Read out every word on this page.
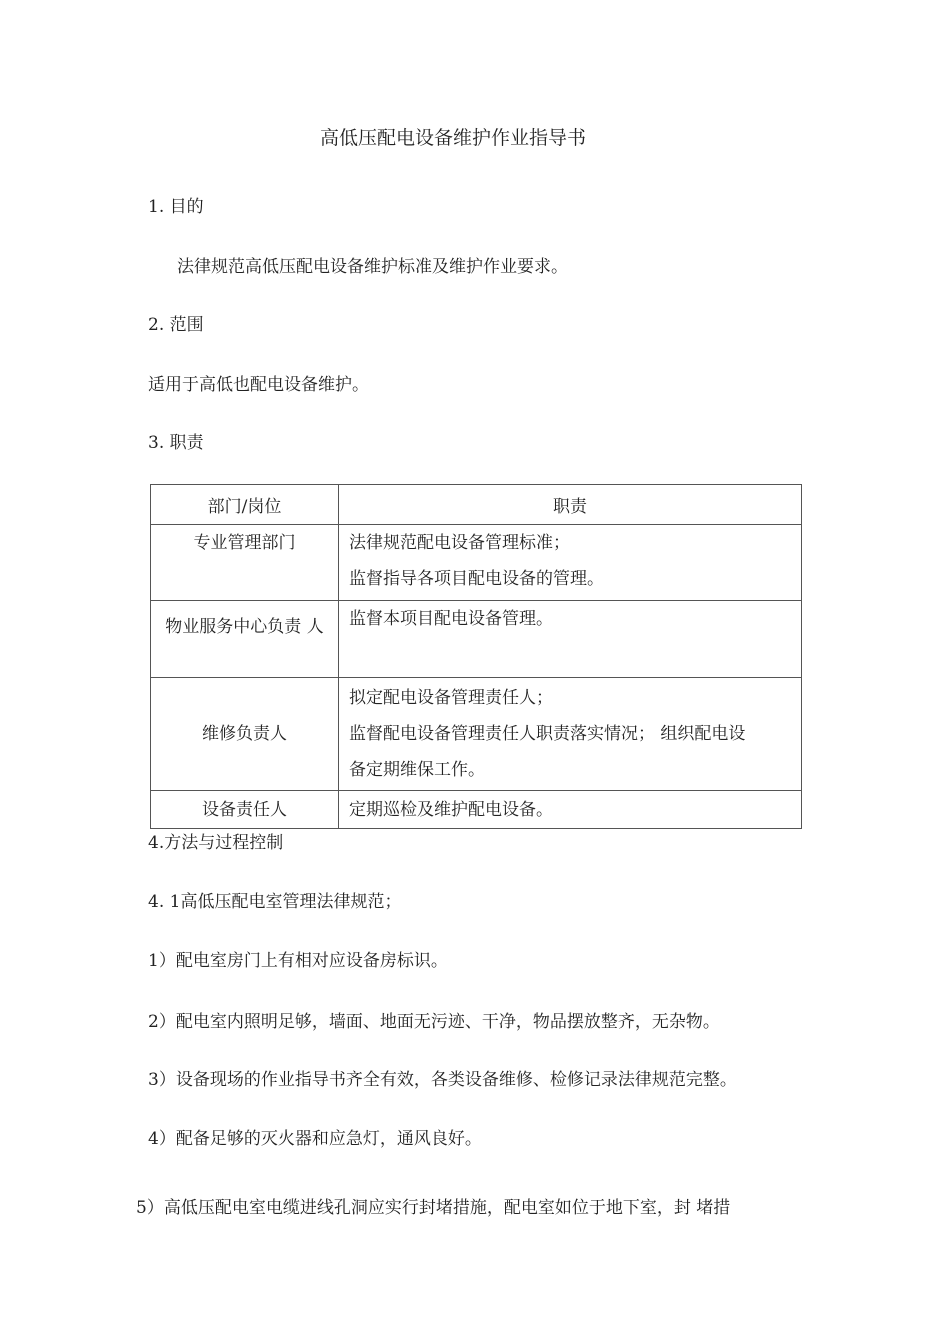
高低压配电设备维护作业指导书

1. 目的

法律规范高低压配电设备维护标准及维护作业要求。

2. 范围

适用于高低也配电设备维护。

3. 职责

部门/岗位	职责

专业管理部门	法律规范配电设备管理标准；
监督指导各项目配电设备的管理。

物业服务中心负责 人	监督本项目配电设备管理。

维修负责人	拟定配电设备管理责任人；
监督配电设备管理责任人职责落实情况； 组织配电设
备定期维保工作。

设备责任人	定期巡检及维护配电设备。

4.方法与过程控制

4. 1高低压配电室管理法律规范；

1）配电室房门上有相对应设备房标识。

2）配电室内照明足够，墙面、地面无污迹、干净，物品摆放整齐，无杂物。

3）设备现场的作业指导书齐全有效，各类设备维修、检修记录法律规范完整。

4）配备足够的灭火器和应急灯，通风良好。

5）高低压配电室电缆进线孔洞应实行封堵措施，配电室如位于地下室，封 堵措
